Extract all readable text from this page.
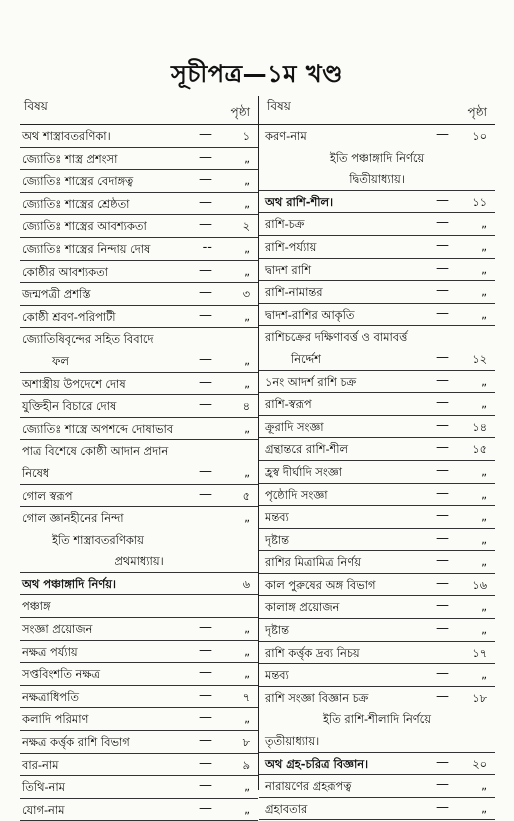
সূচীপত্র—১ম খণ্ড
বিষয়	পৃষ্ঠা
অথ শাস্ত্রাবতরণিকা।	—	১
জ্যোতিঃ শাস্ত্র প্রশংসা	—	„
জ্যোতিঃ শাস্ত্রের বেদাঙ্গত্ব	—	„
জ্যোতিঃ শাস্ত্রের শ্রেষ্ঠতা	—	„
জ্যোতিঃ শাস্ত্রের আবশ্যকতা	—	২
জ্যোতিঃ শাস্ত্রের নিন্দায় দোষ	--	„
কোষ্ঠীর আবশ্যকতা	—	„
জন্মপত্রী প্রশস্তি	—	৩
কোষ্ঠী শ্রবণ-পরিপাটী	—	„
জ্যোতিষিবৃন্দের সহিত বিবাদে
ফল	—	„
অশাস্ত্রীয় উপদেশে দোষ	—	„
যুক্তিহীন বিচারে দোষ	—	৪
জ্যোতিঃ শাস্ত্রে অপশব্দে দোষাভাব	„
পাত্র বিশেষে কোষ্ঠী আদান প্রদান
নিষেধ	—	„
গোল স্বরূপ	—	৫
গোল জ্ঞানহীনের নিন্দা	„
ইতি শাস্ত্রাবতরণিকায়
প্রথমাধ্যায়।
অথ পঞ্চাঙ্গাদি নির্ণয়।	৬
পঞ্চাঙ্গ
সংজ্ঞা প্রয়োজন	—	„
নক্ষত্র পর্য্যায়	—	„
সপ্তবিংশতি নক্ষত্র	—	„
নক্ষত্রাধিপতি	—	৭
কলাদি পরিমাণ	—	„
নক্ষত্র কর্ত্তৃক রাশি বিভাগ	—	৮
বার-নাম	—	৯
তিথি-নাম	—	„
যোগ-নাম	—	„
বিষয়	পৃষ্ঠা
করণ-নাম	—	১০
ইতি পঞ্চাঙ্গাদি নির্ণয়ে
দ্বিতীয়াধ্যায়।
অথ রাশি-শীল।	—	১১
রাশি-চক্র	—	„
রাশি-পর্য্যায়	—	„
দ্বাদশ রাশি	—	„
রাশি-নামান্তর	—	„
দ্বাদশ-রাশির আকৃতি	—	„
রাশিচক্রের দক্ষিণাবর্ত্ত ও বামাবর্ত্ত
নির্দ্দেশ	—	১২
১নং আদর্শ রাশি চক্র	—	„
রাশি-স্বরূপ	—	„
ক্রূরাদি সংজ্ঞা	—	১৪
গ্রন্থান্তরে রাশি-শীল	—	১৫
হ্রস্ব দীর্ঘাদি সংজ্ঞা	—	„
পৃষ্ঠোদি সংজ্ঞা	—	„
মন্তব্য	—	„
দৃষ্টান্ত	—	„
রাশির মিত্রামিত্র নির্ণয়	—	„
কাল পুরুষের অঙ্গ বিভাগ	—	১৬
কালাঙ্গ প্রয়োজন	—	„
দৃষ্টান্ত	—	„
রাশি কর্ত্তৃক দ্রব্য নিচয়	১৭
মন্তব্য	—	„
রাশি সংজ্ঞা বিজ্ঞান চক্র	—	১৮
ইতি রাশি-শীলাদি নির্ণয়ে
তৃতীয়াধ্যায়।
অথ গ্রহ-চরিত্র বিজ্ঞান।	—	২০
নারায়ণের গ্রহরূপত্ব	—	„
গ্রহাবতার	—	„
